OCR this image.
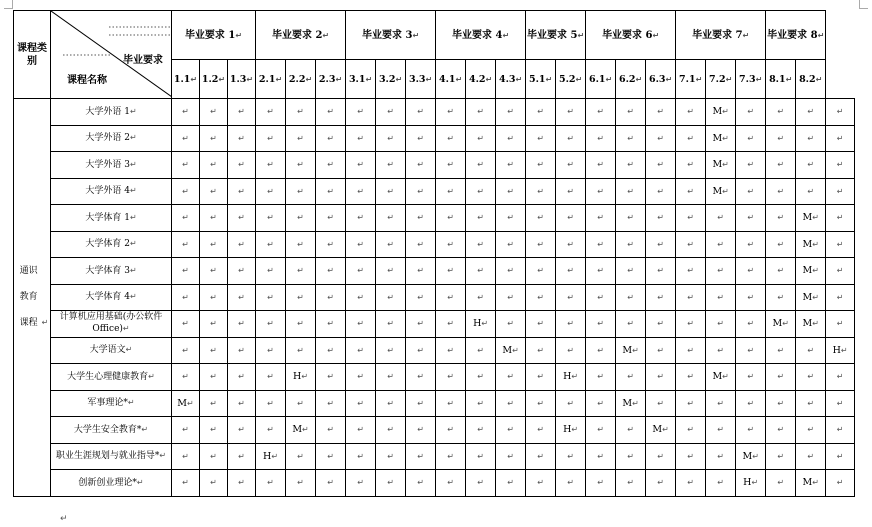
课程类别	毕业要求
课程名称	毕业要求 1↵			毕业要求 2↵			毕业要求 3↵			毕业要求 4↵			毕业要求 5↵		毕业要求 6↵			毕业要求 7↵			毕业要求 8↵		
		1.1↵	1.2↵	1.3↵	2.1↵	2.2↵	2.3↵	3.1↵	3.2↵	3.3↵	4.1↵	4.2↵	4.3↵	5.1↵	5.2↵	6.1↵	6.2↵	6.3↵	7.1↵	7.2↵	7.3↵	8.1↵	8.2↵	
通识教育课程 ↵	大学外语 1↵	↵	↵	↵	↵	↵	↵	↵	↵	↵	↵	↵	↵	↵	↵	↵	↵	↵	↵	M↵	↵	↵	↵	↵
	大学外语 2↵	↵	↵	↵	↵	↵	↵	↵	↵	↵	↵	↵	↵	↵	↵	↵	↵	↵	↵	M↵	↵	↵	↵	↵
	大学外语 3↵	↵	↵	↵	↵	↵	↵	↵	↵	↵	↵	↵	↵	↵	↵	↵	↵	↵	↵	M↵	↵	↵	↵	↵
	大学外语 4↵	↵	↵	↵	↵	↵	↵	↵	↵	↵	↵	↵	↵	↵	↵	↵	↵	↵	↵	M↵	↵	↵	↵	↵
	大学体育 1↵	↵	↵	↵	↵	↵	↵	↵	↵	↵	↵	↵	↵	↵	↵	↵	↵	↵	↵	↵	↵	↵	M↵	↵
	大学体育 2↵	↵	↵	↵	↵	↵	↵	↵	↵	↵	↵	↵	↵	↵	↵	↵	↵	↵	↵	↵	↵	↵	M↵	↵
	大学体育 3↵	↵	↵	↵	↵	↵	↵	↵	↵	↵	↵	↵	↵	↵	↵	↵	↵	↵	↵	↵	↵	↵	M↵	↵
	大学体育 4↵	↵	↵	↵	↵	↵	↵	↵	↵	↵	↵	↵	↵	↵	↵	↵	↵	↵	↵	↵	↵	↵	M↵	↵
	计算机应用基础(办公软件 Office)↵	↵	↵	↵	↵	↵	↵	↵	↵	↵	↵	H↵	↵	↵	↵	↵	↵	↵	↵	↵	↵	M↵	M↵	↵
	大学语文↵	↵	↵	↵	↵	↵	↵	↵	↵	↵	↵	↵	M↵	↵	↵	↵	M↵	↵	↵	↵	↵	↵	↵	H↵
	大学生心理健康教育↵	↵	↵	↵	↵	H↵	↵	↵	↵	↵	↵	↵	↵	↵	H↵	↵	↵	↵	↵	M↵	↵	↵	↵	↵
	军事理论*↵	M↵	↵	↵	↵	↵	↵	↵	↵	↵	↵	↵	↵	↵	↵	↵	M↵	↵	↵	↵	↵	↵	↵	↵
	大学生安全教育*↵	↵	↵	↵	↵	M↵	↵	↵	↵	↵	↵	↵	↵	↵	H↵	↵	↵	M↵	↵	↵	↵	↵	↵	↵
	职业生涯规划与就业指导*↵	↵	↵	↵	H↵	↵	↵	↵	↵	↵	↵	↵	↵	↵	↵	↵	↵	↵	↵	↵	M↵	↵	↵	↵
	创新创业理论*↵	↵	↵	↵	↵	↵	↵	↵	↵	↵	↵	↵	↵	↵	↵	↵	↵	↵	↵	↵	H↵	↵	M↵	↵
↵
